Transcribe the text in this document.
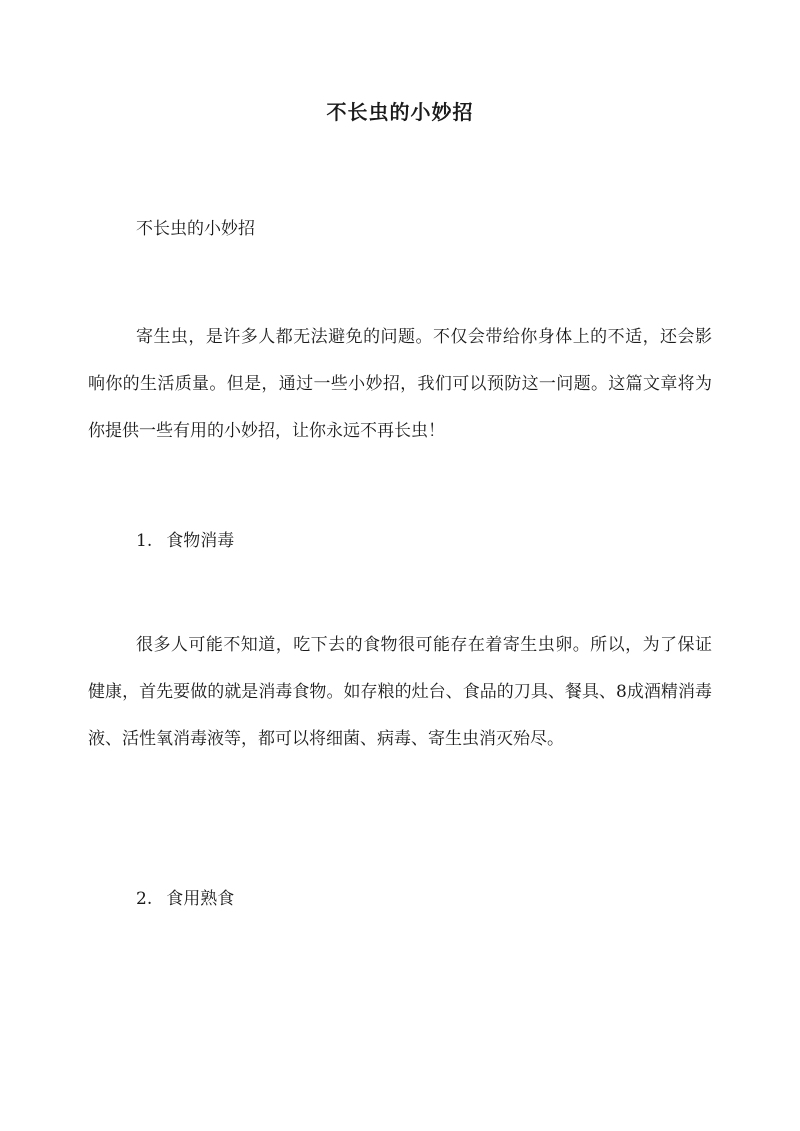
不长虫的小妙招

不长虫的小妙招

寄生虫，是许多人都无法避免的问题。不仅会带给你身体上的不适，还会影响你的生活质量。但是，通过一些小妙招，我们可以预防这一问题。这篇文章将为你提供一些有用的小妙招，让你永远不再长虫！

1. 食物消毒

很多人可能不知道，吃下去的食物很可能存在着寄生虫卵。所以，为了保证健康，首先要做的就是消毒食物。如存粮的灶台、食品的刀具、餐具、8成酒精消毒液、活性氧消毒液等，都可以将细菌、病毒、寄生虫消灭殆尽。

2. 食用熟食
